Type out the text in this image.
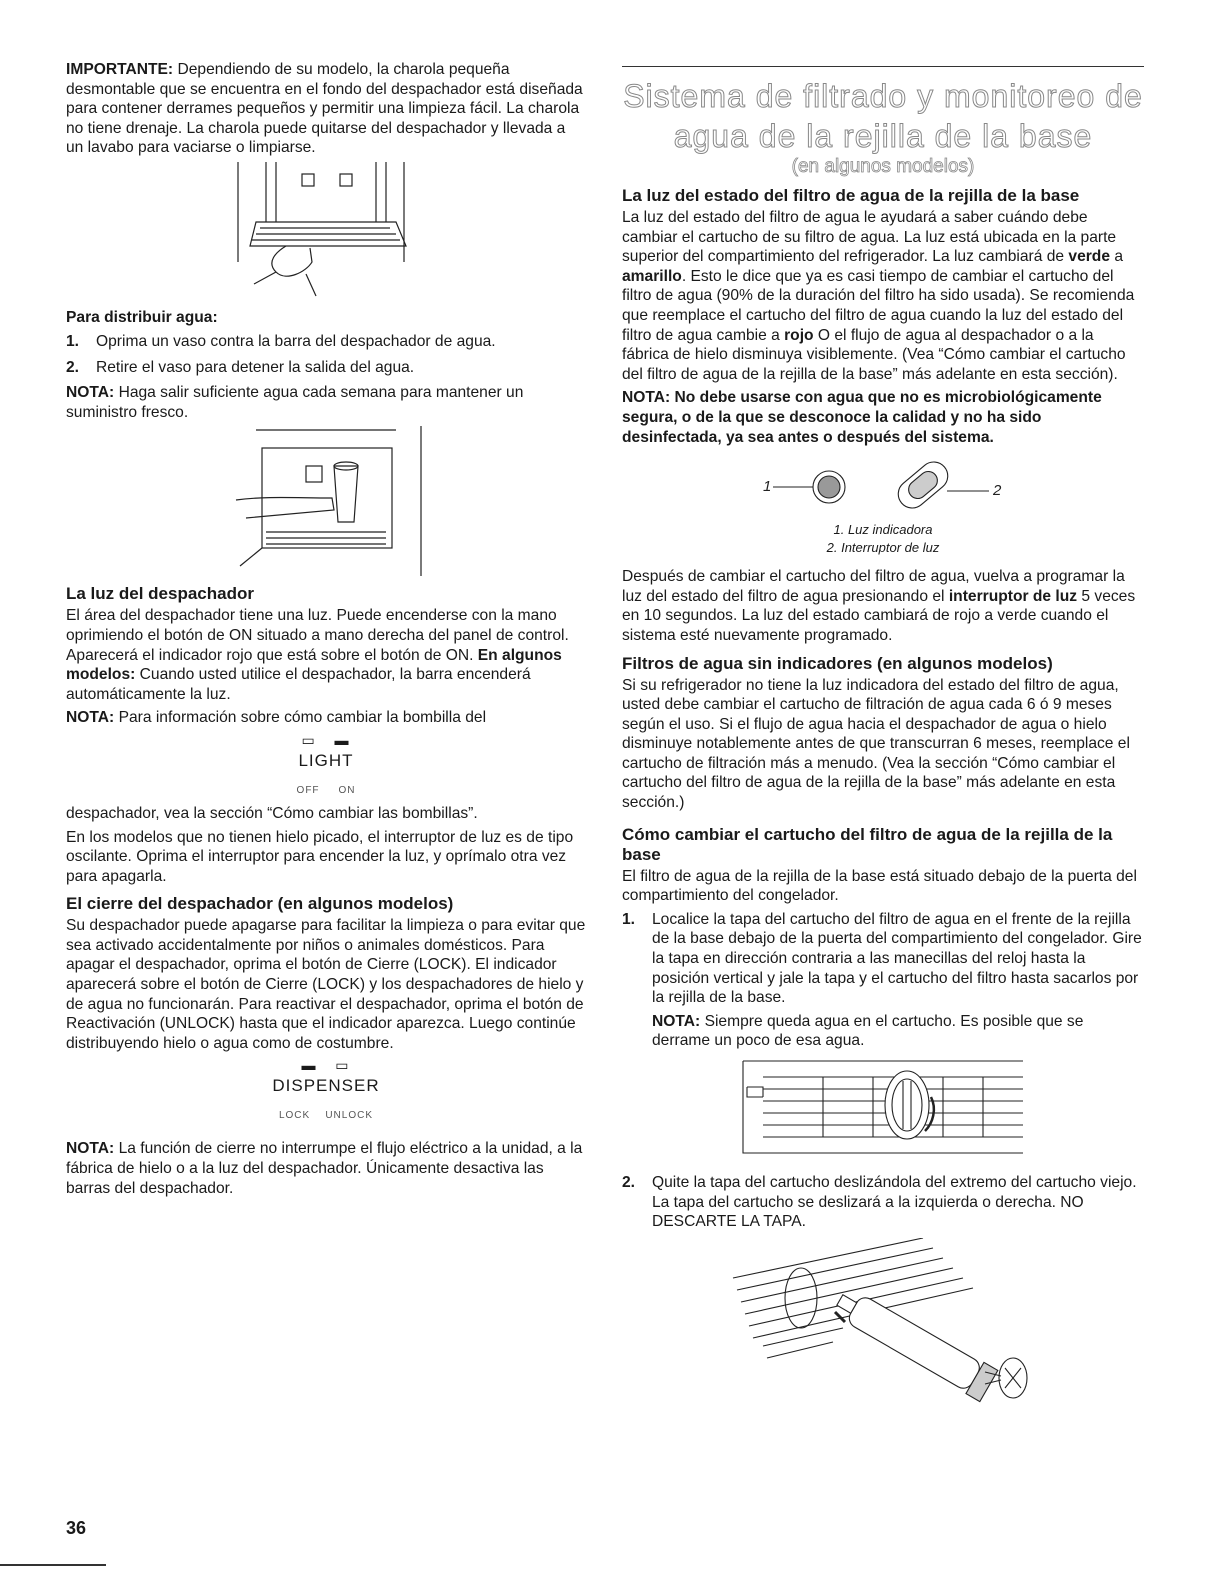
IMPORTANTE: Dependiendo de su modelo, la charola pequeña desmontable que se encuentra en el fondo del despachador está diseñada para contener derrames pequeños y permitir una limpieza fácil. La charola no tiene drenaje. La charola puede quitarse del despachador y llevada a un lavabo para vaciarse o limpiarse.

Para distribuir agua:
1. Oprima un vaso contra la barra del despachador de agua.
2. Retire el vaso para detener la salida del agua.

NOTA: Haga salir suficiente agua cada semana para mantener un suministro fresco.

La luz del despachador

El área del despachador tiene una luz. Puede encenderse con la mano oprimiendo el botón de ON situado a mano derecha del panel de control. Aparecerá el indicador rojo que está sobre el botón de ON. En algunos modelos: Cuando usted utilice el despachador, la barra encenderá automáticamente la luz.

NOTA: Para información sobre cómo cambiar la bombilla del

▭   ▬
LIGHT
OFF ON

despachador, vea la sección “Cómo cambiar las bombillas”.

En los modelos que no tienen hielo picado, el interruptor de luz es de tipo oscilante. Oprima el interruptor para encender la luz, y oprímalo otra vez para apagarla.

El cierre del despachador (en algunos modelos)

Su despachador puede apagarse para facilitar la limpieza o para evitar que sea activado accidentalmente por niños o animales domésticos. Para apagar el despachador, oprima el botón de Cierre (LOCK). El indicador aparecerá sobre el botón de Cierre (LOCK) y los despachadores de hielo y de agua no funcionarán. Para reactivar el despachador, oprima el botón de Reactivación (UNLOCK) hasta que el indicador aparezca. Luego continúe distribuyendo hielo o agua como de costumbre.

▬   ▭
DISPENSER
LOCK UNLOCK

NOTA: La función de cierre no interrumpe el flujo eléctrico a la unidad, a la fábrica de hielo o a la luz del despachador. Únicamente desactiva las barras del despachador.

Sistema de filtrado y monitoreo de
agua de la rejilla de la base
(en algunos modelos)
La luz del estado del filtro de agua de la rejilla de la base

La luz del estado del filtro de agua le ayudará a saber cuándo debe cambiar el cartucho de su filtro de agua. La luz está ubicada en la parte superior del compartimiento del refrigerador. La luz cambiará de verde a amarillo. Esto le dice que ya es casi tiempo de cambiar el cartucho del filtro de agua (90% de la duración del filtro ha sido usada). Se recomienda que reemplace el cartucho del filtro de agua cuando la luz del estado del filtro de agua cambie a rojo O el flujo de agua al despachador o a la fábrica de hielo disminuya visiblemente. (Vea “Cómo cambiar el cartucho del filtro de agua de la rejilla de la base” más adelante en esta sección).

NOTA: No debe usarse con agua que no es microbiológicamente segura, o de la que se desconoce la calidad y no ha sido desinfectada, ya sea antes o después del sistema.

1	2
1. Luz indicadora
2. Interruptor de luz

Después de cambiar el cartucho del filtro de agua, vuelva a programar la luz del estado del filtro de agua presionando el interruptor de luz 5 veces en 10 segundos. La luz del estado cambiará de rojo a verde cuando el sistema esté nuevamente programado.

Filtros de agua sin indicadores (en algunos modelos)

Si su refrigerador no tiene la luz indicadora del estado del filtro de agua, usted debe cambiar el cartucho de filtración de agua cada 6 ó 9 meses según el uso. Si el flujo de agua hacia el despachador de agua o hielo disminuye notablemente antes de que transcurran 6 meses, reemplace el cartucho de filtración más a menudo. (Vea la sección “Cómo cambiar el cartucho del filtro de agua de la rejilla de la base” más adelante en esta sección.)

Cómo cambiar el cartucho del filtro de agua de la rejilla de la base

El filtro de agua de la rejilla de la base está situado debajo de la puerta del compartimiento del congelador.

1. Localice la tapa del cartucho del filtro de agua en el frente de la rejilla de la base debajo de la puerta del compartimiento del congelador. Gire la tapa en dirección contraria a las manecillas del reloj hasta la posición vertical y jale la tapa y el cartucho del filtro hasta sacarlos por la rejilla de la base.
NOTA: Siempre queda agua en el cartucho. Es posible que se derrame un poco de esa agua.
2. Quite la tapa del cartucho deslizándola del extremo del cartucho viejo. La tapa del cartucho se deslizará a la izquierda o derecha. NO DESCARTE LA TAPA.
36
